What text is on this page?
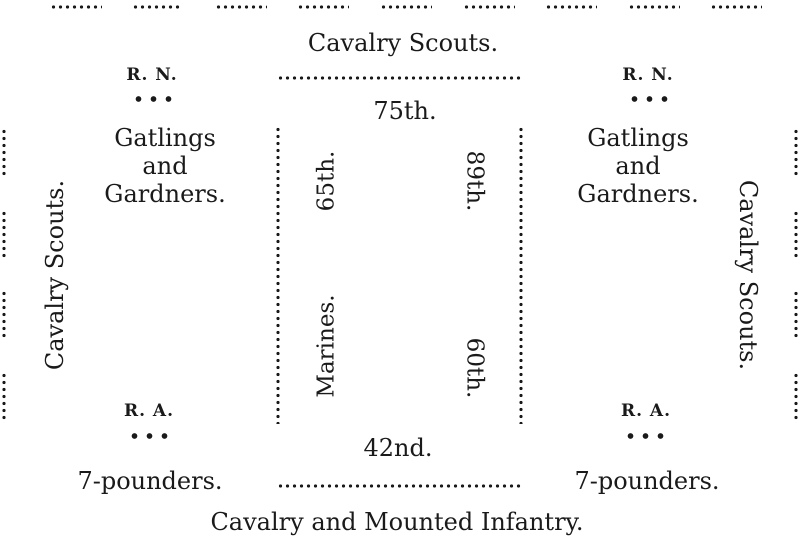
Cavalry Scouts.
Cavalry Scouts.	Cavalry Scouts.
R. N.	R. N.
Gatlings
and
Gardners.
Gatlings
and
Gardners.
75th.
65th.
Marines.
89th.
60th.
42nd.
R. A.	R. A.
7-pounders.	7-pounders.
Cavalry and Mounted Infantry.
